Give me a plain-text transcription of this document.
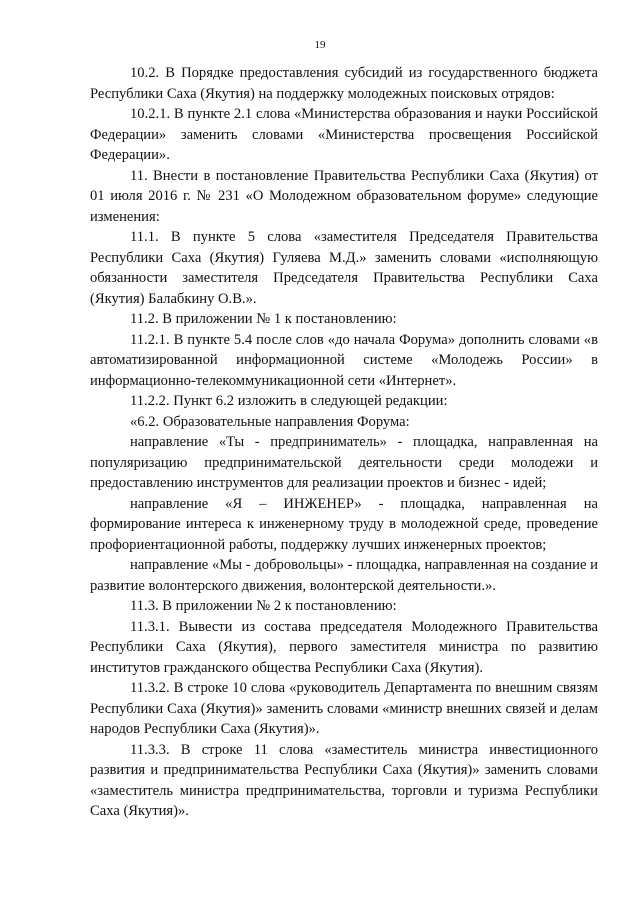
19

10.2. В Порядке предоставления субсидий из государственного бюджета Республики Саха (Якутия) на поддержку молодежных поисковых отрядов:

10.2.1. В пункте 2.1 слова «Министерства образования и науки Российской Федерации» заменить словами «Министерства просвещения Российской Федерации».

11. Внести в постановление Правительства Республики Саха (Якутия) от 01 июля 2016 г. № 231 «О Молодежном образовательном форуме» следующие изменения:

11.1. В пункте 5 слова «заместителя Председателя Правительства Республики Саха (Якутия) Гуляева М.Д.» заменить словами «исполняющую обязанности заместителя Председателя Правительства Республики Саха (Якутия) Балабкину О.В.».

11.2. В приложении № 1 к постановлению:

11.2.1. В пункте 5.4 после слов «до начала Форума» дополнить словами «в автоматизированной информационной системе «Молодежь России» в информационно-телекоммуникационной сети «Интернет».

11.2.2. Пункт 6.2 изложить в следующей редакции:

«6.2. Образовательные направления Форума:

направление «Ты - предприниматель» - площадка, направленная на популяризацию предпринимательской деятельности среди молодежи и предоставлению инструментов для реализации проектов и бизнес - идей;

направление «Я – ИНЖЕНЕР» - площадка, направленная на формирование интереса к инженерному труду в молодежной среде, проведение профориентационной работы, поддержку лучших инженерных проектов;

направление «Мы - добровольцы» - площадка, направленная на создание и развитие волонтерского движения, волонтерской деятельности.».

11.3. В приложении № 2 к постановлению:

11.3.1. Вывести из состава председателя Молодежного Правительства Республики Саха (Якутия), первого заместителя министра по развитию институтов гражданского общества Республики Саха (Якутия).

11.3.2. В строке 10 слова «руководитель Департамента по внешним связям Республики Саха (Якутия)» заменить словами «министр внешних связей и делам народов Республики Саха (Якутия)».

11.3.3. В строке 11 слова «заместитель министра инвестиционного развития и предпринимательства Республики Саха (Якутия)» заменить словами «заместитель министра предпринимательства, торговли и туризма Республики Саха (Якутия)».
